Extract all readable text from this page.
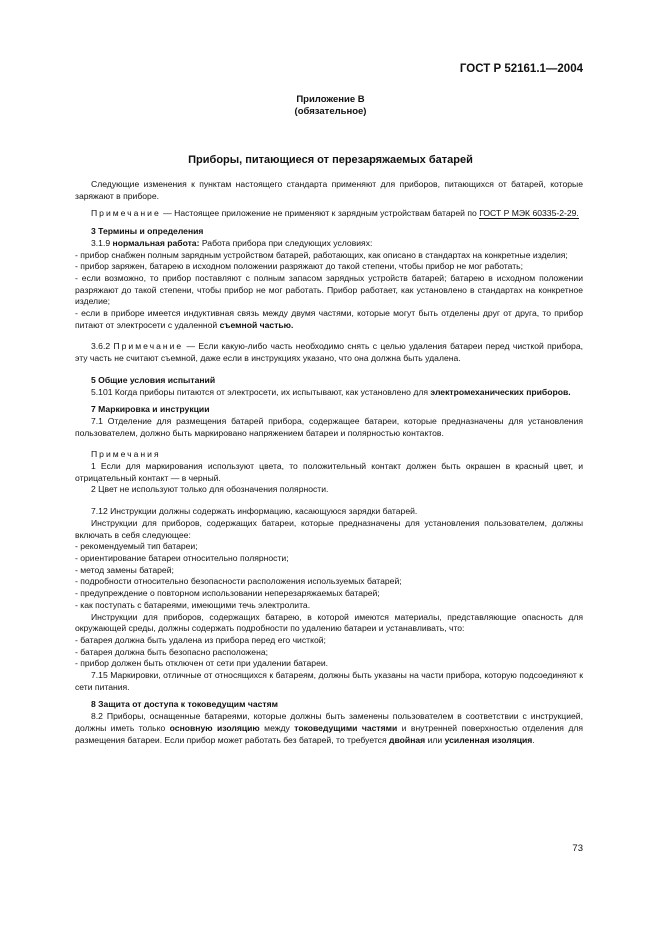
ГОСТ Р 52161.1—2004
Приложение В
(обязательное)
Приборы, питающиеся от перезаряжаемых батарей

Следующие изменения к пунктам настоящего стандарта применяют для приборов, питающихся от батарей, которые заряжают в приборе.

Примечание — Настоящее приложение не применяют к зарядным устройствам батарей по ГОСТ Р МЭК 60335-2-29.

3 Термины и определения

3.1.9 нормальная работа: Работа прибора при следующих условиях:

- прибор снабжен полным зарядным устройством батарей, работающих, как описано в стандартах на конкретные изделия;

- прибор заряжен, батарею в исходном положении разряжают до такой степени, чтобы прибор не мог работать;

- если возможно, то прибор поставляют с полным запасом зарядных устройств батарей; батарею в исходном положении разряжают до такой степени, чтобы прибор не мог работать. Прибор работает, как установлено в стандартах на конкретное изделие;

- если в приборе имеется индуктивная связь между двумя частями, которые могут быть отделены друг от друга, то прибор питают от электросети с удаленной съемной частью.

3.6.2 Примечание — Если какую-либо часть необходимо снять с целью удаления батареи перед чисткой прибора, эту часть не считают съемной, даже если в инструкциях указано, что она должна быть удалена.

5 Общие условия испытаний

5.101 Когда приборы питаются от электросети, их испытывают, как установлено для электромеханических приборов.

7 Маркировка и инструкции

7.1 Отделение для размещения батарей прибора, содержащее батареи, которые предназначены для установления пользователем, должно быть маркировано напряжением батареи и полярностью контактов.

Примечания

1 Если для маркирования используют цвета, то положительный контакт должен быть окрашен в красный цвет, и отрицательный контакт — в черный.

2 Цвет не используют только для обозначения полярности.

7.12 Инструкции должны содержать информацию, касающуюся зарядки батарей.

Инструкции для приборов, содержащих батареи, которые предназначены для установления пользователем, должны включать в себя следующее:

- рекомендуемый тип батареи;

- ориентирование батареи относительно полярности;

- метод замены батарей;

- подробности относительно безопасности расположения используемых батарей;

- предупреждение о повторном использовании неперезаряжаемых батарей;

- как поступать с батареями, имеющими течь электролита.

Инструкции для приборов, содержащих батарею, в которой имеются материалы, представляющие опасность для окружающей среды, должны содержать подробности по удалению батареи и устанавливать, что:

- батарея должна быть удалена из прибора перед его чисткой;

- батарея должна быть безопасно расположена;

- прибор должен быть отключен от сети при удалении батареи.

7.15 Маркировки, отличные от относящихся к батареям, должны быть указаны на части прибора, которую подсоединяют к сети питания.

8 Защита от доступа к токоведущим частям

8.2 Приборы, оснащенные батареями, которые должны быть заменены пользователем в соответствии с инструкцией, должны иметь только основную изоляцию между токоведущими частями и внутренней поверхностью отделения для размещения батареи. Если прибор может работать без батарей, то требуется двойная или усиленная изоляция.

73
